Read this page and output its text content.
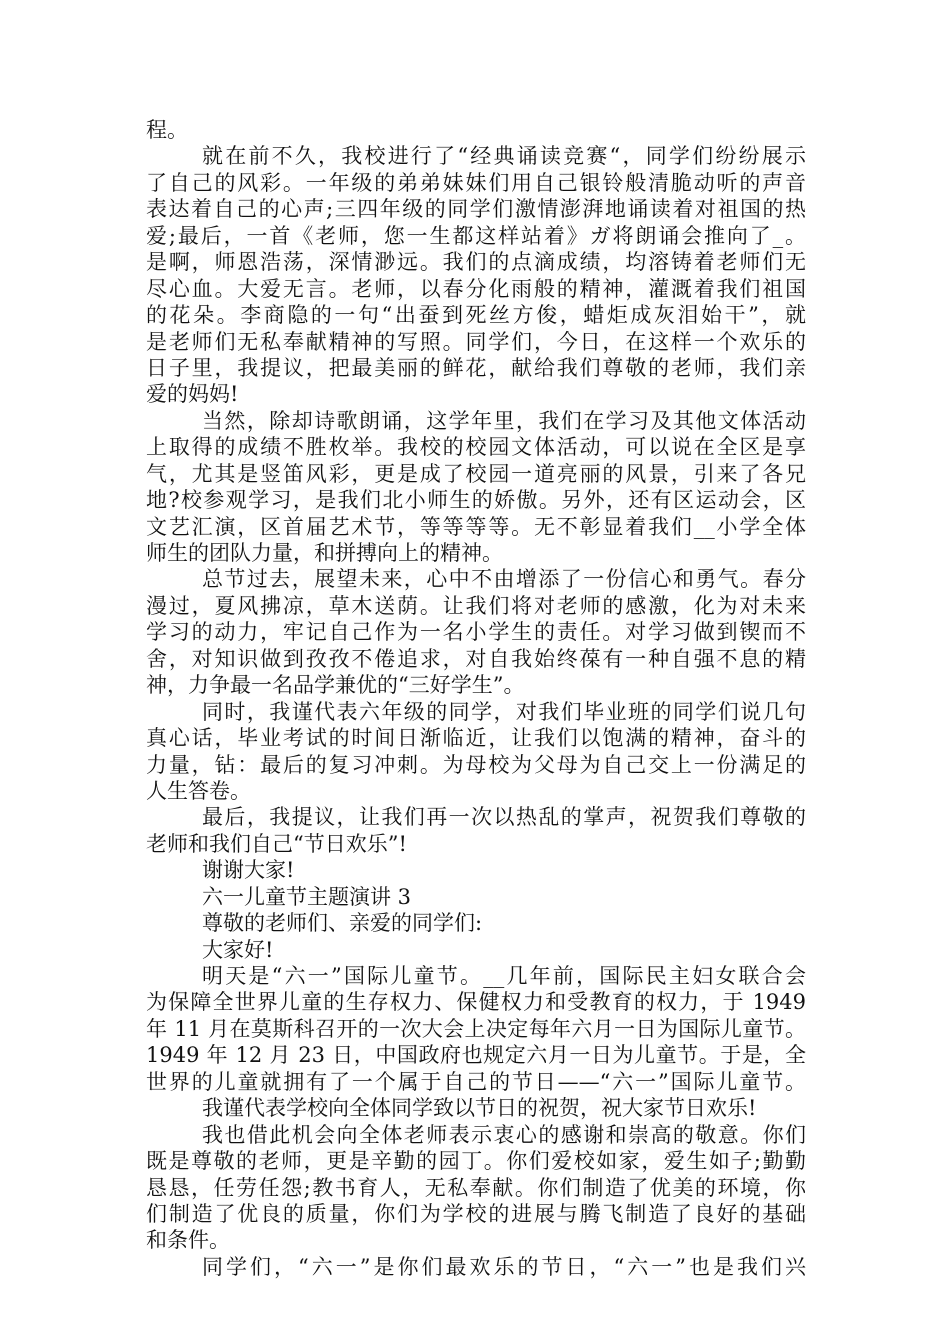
程。
就在前不久，我校进行了“经典诵读竞赛“，同学们纷纷展示
了自己的风彩。一年级的弟弟妹妹们用自己银铃般清脆动听的声音
表达着自己的心声;三四年级的同学们激情澎湃地诵读着对祖国的热
爱;最后，一首《老师，您一生都这样站着》ガ将朗诵会推向了_。
是啊，师恩浩荡，深情渺远。我们的点滴成绩，均溶铸着老师们无
尽心血。大爱无言。老师，以春分化雨般的精神，灌溉着我们祖国
的花朵。李商隐的一句“出蚕到死丝方俊，蜡炬成灰泪始干”，就
是老师们无私奉献精神的写照。同学们，今日，在这样一个欢乐的
日子里，我提议，把最美丽的鲜花，献给我们尊敬的老师，我们亲
爱的妈妈!
当然，除却诗歌朗诵，这学年里，我们在学习及其他文体活动
上取得的成绩不胜枚举。我校的校园文体活动，可以说在全区是享
气，尤其是竖笛风彩，更是成了校园一道亮丽的风景，引来了各兄
地?校参观学习，是我们北小师生的娇傲。另外，还有区运动会，区
文艺汇演，区首届艺术节，等等等等。无不彰显着我们__小学全体
师生的团队力量，和拼搏向上的精神。
总节过去，展望未来，心中不由增添了一份信心和勇气。春分
漫过，夏风拂凉，草木送荫。让我们将对老师的感激，化为对未来
学习的动力，牢记自己作为一名小学生的责任。对学习做到锲而不
舍，对知识做到孜孜不倦追求，对自我始终葆有一种自强不息的精
神，力争最一名品学兼优的“三好学生”。
同时，我谨代表六年级的同学，对我们毕业班的同学们说几句
真心话，毕业考试的时间日渐临近，让我们以饱满的精神，奋斗的
力量，钻：最后的复习冲刺。为母校为父母为自己交上一份满足的
人生答卷。
最后，我提议，让我们再一次以热乱的掌声，祝贺我们尊敬的
老师和我们自己“节日欢乐”!
谢谢大家!
六一儿童节主题演讲 3
尊敬的老师们、亲爱的同学们:
大家好!
明天是“六一”国际儿童节。__几年前，国际民主妇女联合会
为保障全世界儿童的生存权力、保健权力和受教育的权力，于 1949
年 11 月在莫斯科召开的一次大会上决定每年六月一日为国际儿童节。
1949 年 12 月 23 日，中国政府也规定六月一日为儿童节。于是，全
世界的儿童就拥有了一个属于自己的节日——“六一”国际儿童节。
我谨代表学校向全体同学致以节日的祝贺，祝大家节日欢乐!
我也借此机会向全体老师表示衷心的感谢和崇高的敬意。你们
既是尊敬的老师，更是辛勤的园丁。你们爱校如家，爱生如子;勤勤
恳恳，任劳任怨;教书育人，无私奉献。你们制造了优美的环境，你
们制造了优良的质量，你们为学校的进展与腾飞制造了良好的基础
和条件。
同学们，“六一”是你们最欢乐的节日，“六一”也是我们兴
